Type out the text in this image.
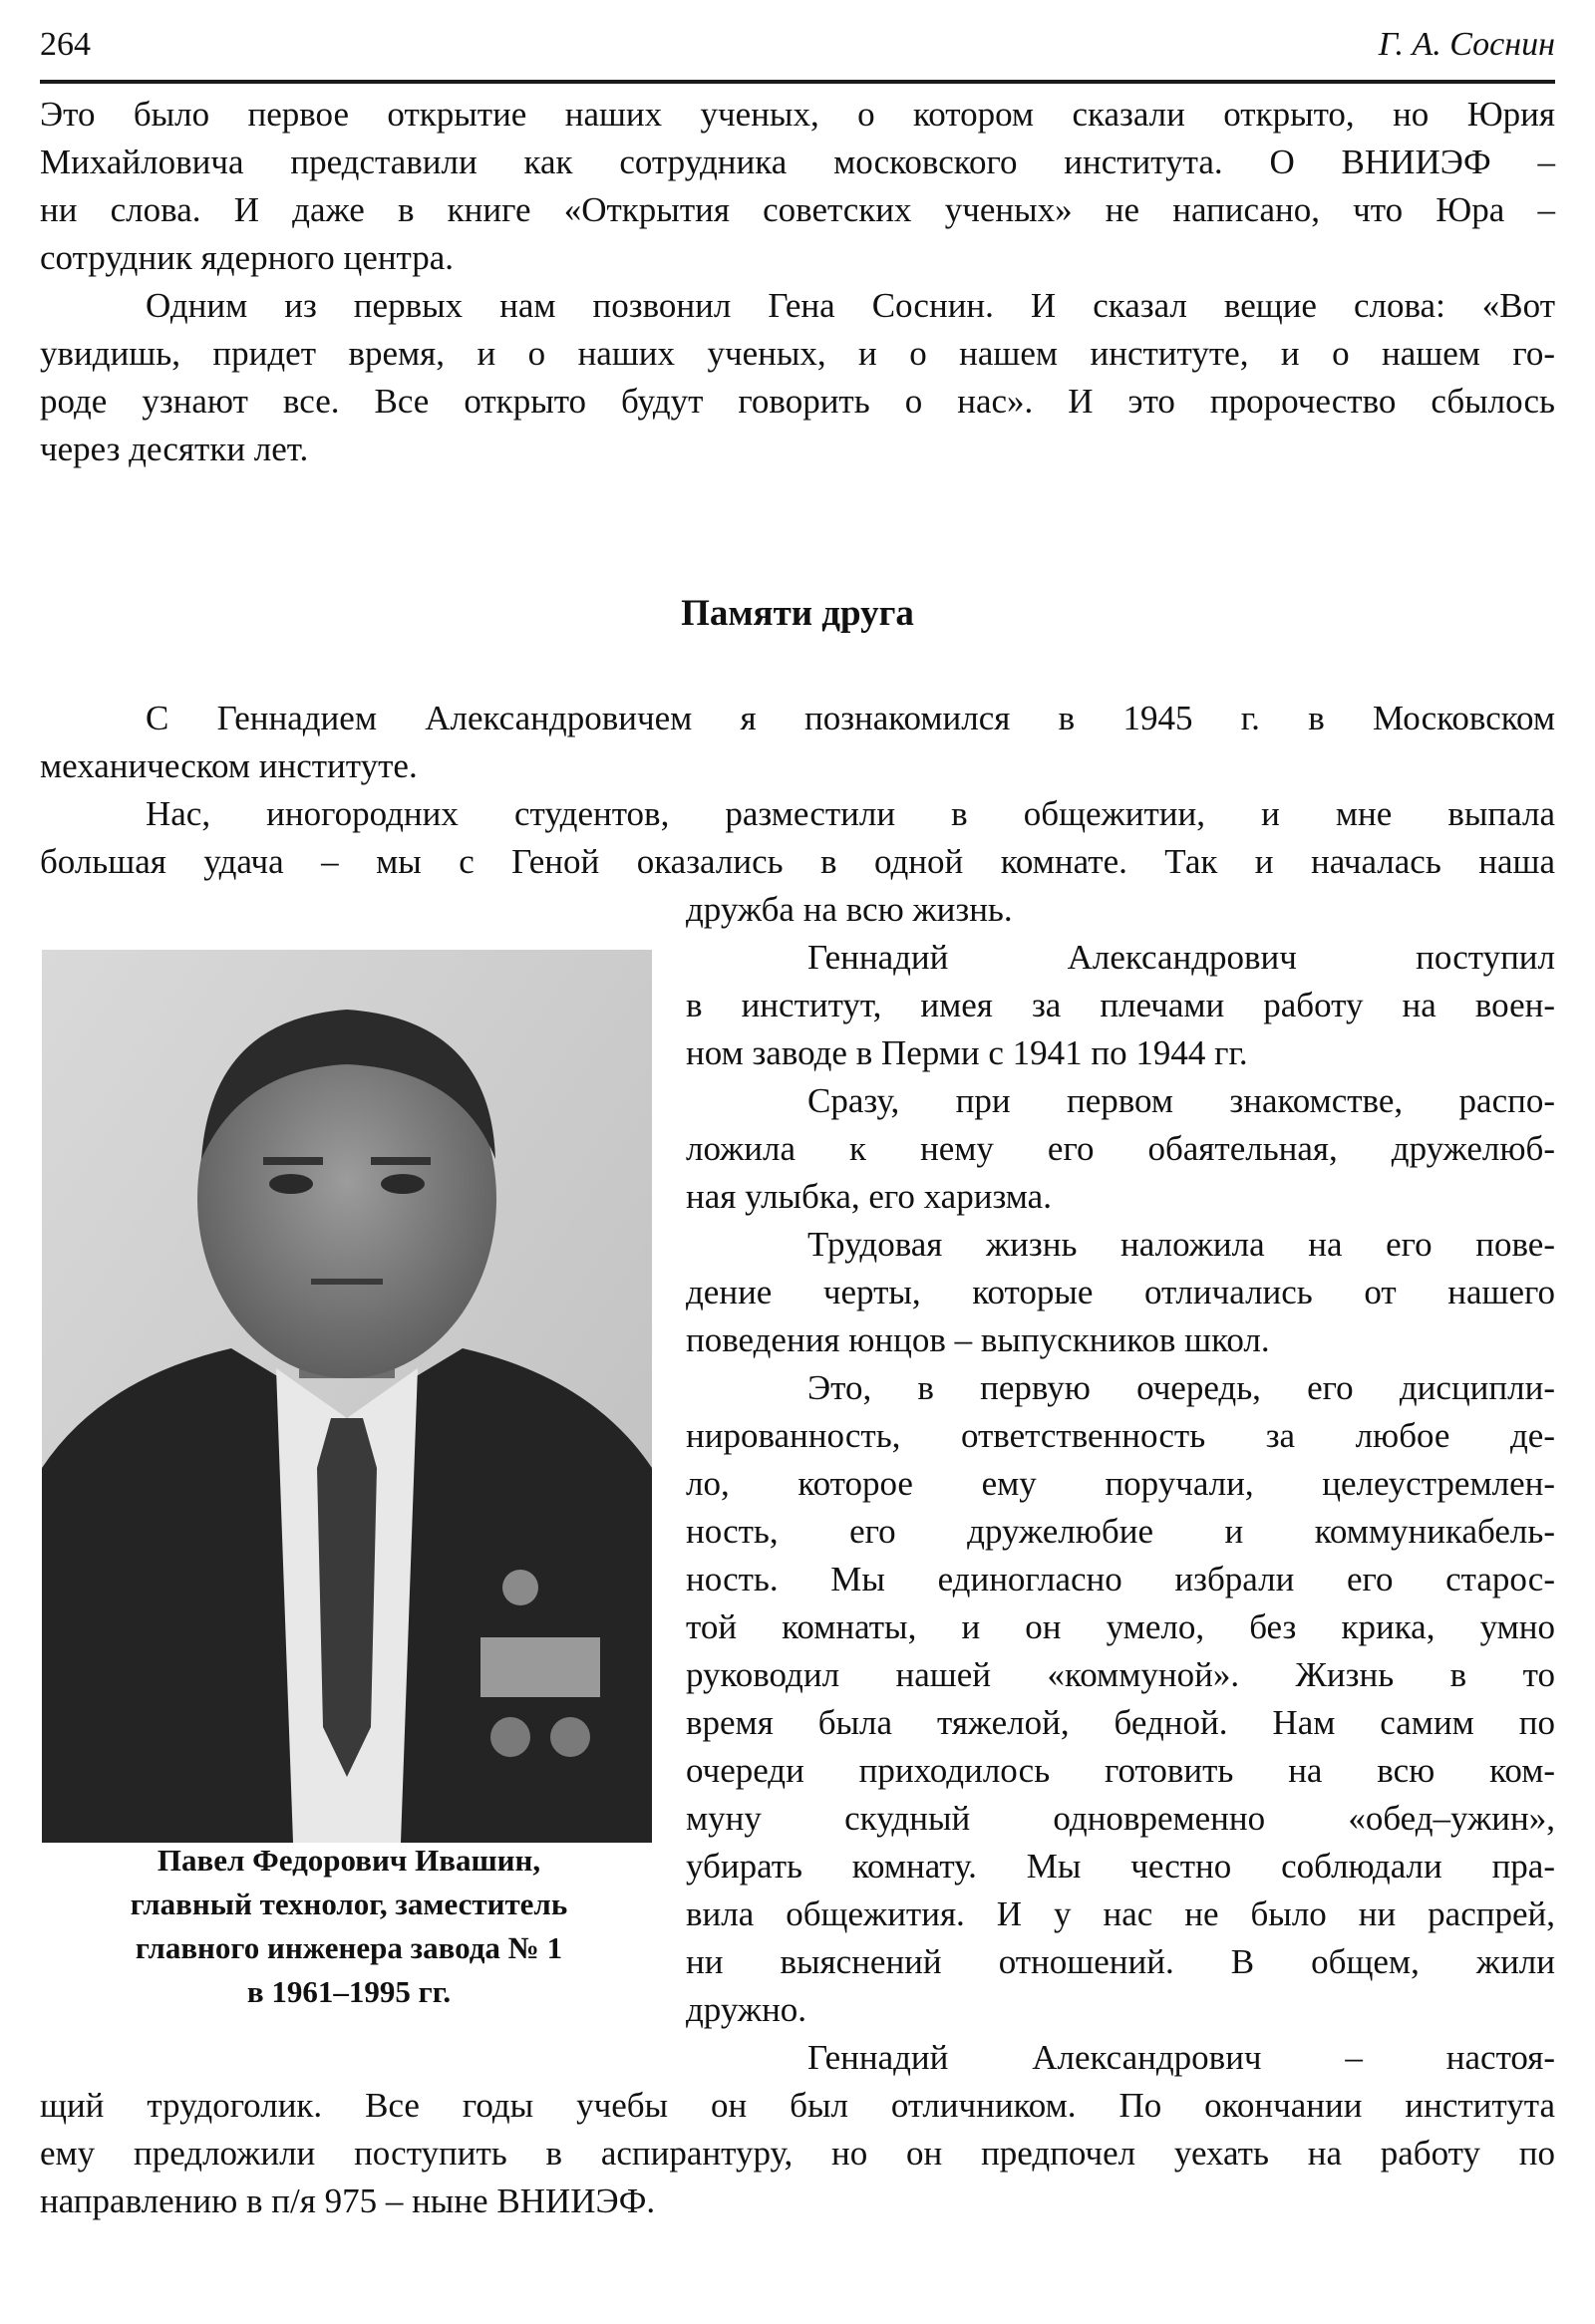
264	Г. А. Соснин
Это было первое открытие наших ученых, о котором сказали открыто, но Юрия
Михайловича представили как сотрудника московского института. О ВНИИЭФ –
ни слова. И даже в книге «Открытия советских ученых» не написано, что Юра –
сотрудник ядерного центра.
Одним из первых нам позвонил Гена Соснин. И сказал вещие слова: «Вот
увидишь, придет время, и о наших ученых, и о нашем институте, и о нашем го-
роде узнают все. Все открыто будут говорить о нас». И это пророчество сбылось
через десятки лет.
Памяти друга
С Геннадием Александровичем я познакомился в 1945 г. в Московском
механическом институте.
Нас, иногородних студентов, разместили в общежитии, и мне выпала
большая удача – мы с Геной оказались в одной комнате. Так и началась наша
Павел Федорович Ивашин,
главный технолог, заместитель
главного инженера завода № 1
в 1961–1995 гг.
дружба на всю жизнь.
Геннадий Александрович поступил
в институт, имея за плечами работу на воен-
ном заводе в Перми с 1941 по 1944 гг.
Сразу, при первом знакомстве, распо-
ложила к нему его обаятельная, дружелюб-
ная улыбка, его харизма.
Трудовая жизнь наложила на его пове-
дение черты, которые отличались от нашего
поведения юнцов – выпускников школ.
Это, в первую очередь, его дисципли-
нированность, ответственность за любое де-
ло, которое ему поручали, целеустремлен-
ность, его дружелюбие и коммуникабель-
ность. Мы единогласно избрали его старос-
той комнаты, и он умело, без крика, умно
руководил нашей «коммуной». Жизнь в то
время была тяжелой, бедной. Нам самим по
очереди приходилось готовить на всю ком-
муну скудный одновременно «обед–ужин»,
убирать комнату. Мы честно соблюдали пра-
вила общежития. И у нас не было ни распрей,
ни выяснений отношений. В общем, жили
дружно.
Геннадий Александрович – настоя-
щий трудоголик. Все годы учебы он был отличником. По окончании института
ему предложили поступить в аспирантуру, но он предпочел уехать на работу по
направлению в п/я 975 – ныне ВНИИЭФ.
